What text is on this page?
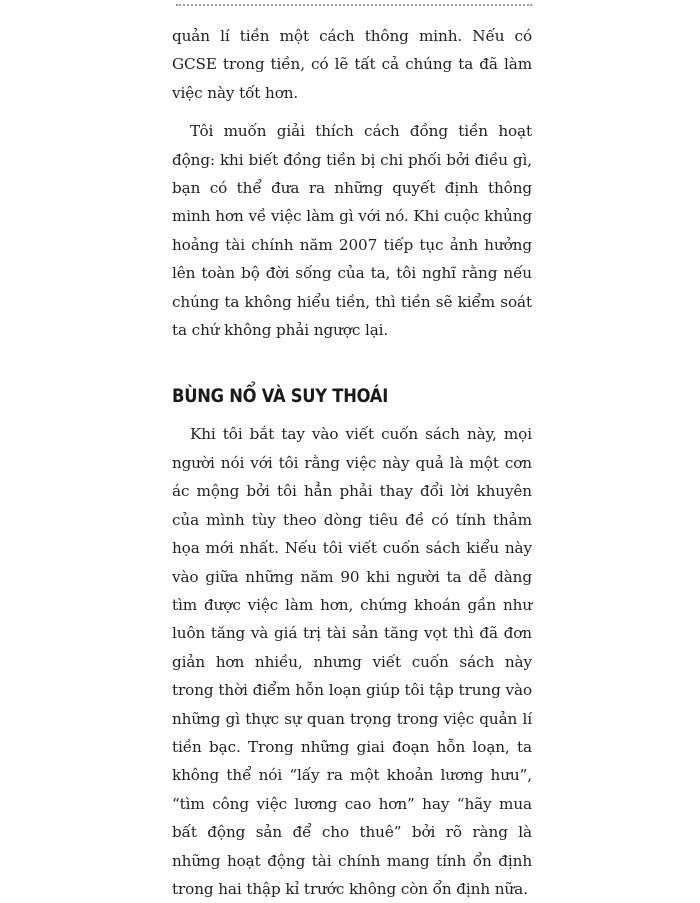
quản lí tiền một cách thông minh. Nếu có GCSE trong tiền, có lẽ tất cả chúng ta đã làm việc này tốt hơn.

Tôi muốn giải thích cách đồng tiền hoạt động: khi biết đồng tiền bị chi phối bởi điều gì, bạn có thể đưa ra những quyết định thông minh hơn về việc làm gì với nó. Khi cuộc khủng hoảng tài chính năm 2007 tiếp tục ảnh hưởng lên toàn bộ đời sống của ta, tôi nghĩ rằng nếu chúng ta không hiểu tiền, thì tiền sẽ kiểm soát ta chứ không phải ngược lại.

BÙNG NỔ VÀ SUY THOÁI

Khi tôi bắt tay vào viết cuốn sách này, mọi người nói với tôi rằng việc này quả là một cơn ác mộng bởi tôi hẳn phải thay đổi lời khuyên của mình tùy theo dòng tiêu đề có tính thảm họa mới nhất. Nếu tôi viết cuốn sách kiểu này vào giữa những năm 90 khi người ta dễ dàng tìm được việc làm hơn, chứng khoán gần như luôn tăng và giá trị tài sản tăng vọt thì đã đơn giản hơn nhiều, nhưng viết cuốn sách này trong thời điểm hỗn loạn giúp tôi tập trung vào những gì thực sự quan trọng trong việc quản lí tiền bạc. Trong những giai đoạn hỗn loạn, ta không thể nói “lấy ra một khoản lương hưu”, “tìm công việc lương cao hơn” hay “hãy mua bất động sản để cho thuê” bởi rõ ràng là những hoạt động tài chính mang tính ổn định trong hai thập kỉ trước không còn ổn định nữa.
